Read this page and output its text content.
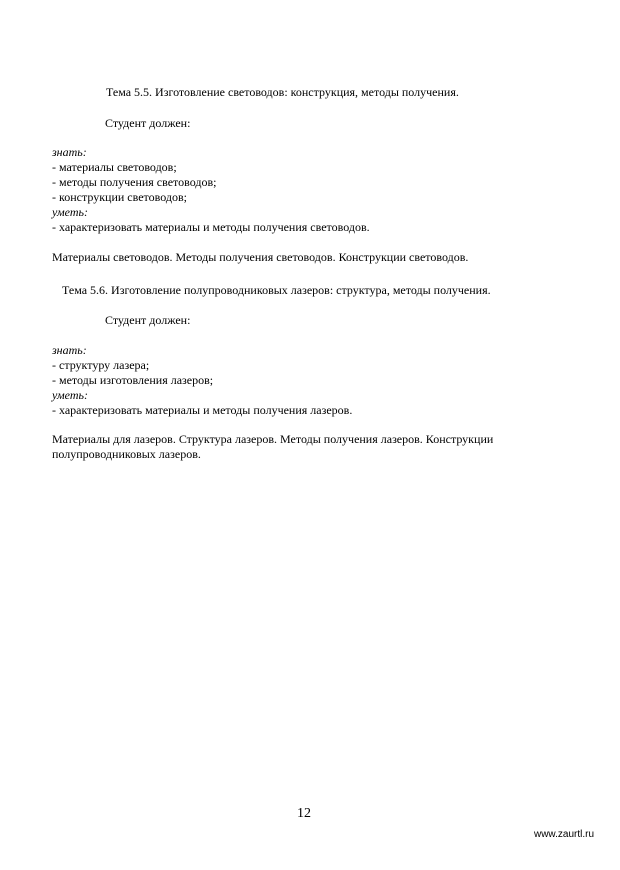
Тема 5.5. Изготовление световодов: конструкция, методы получения.
Студент должен:
знать:
- материалы световодов;
- методы получения световодов;
- конструкции световодов;
уметь:
- характеризовать материалы и методы получения световодов.
Материалы световодов. Методы получения световодов. Конструкции световодов.
Тема 5.6. Изготовление полупроводниковых лазеров: структура, методы получения.
Студент должен:
знать:
- структуру лазера;
- методы изготовления лазеров;
уметь:
- характеризовать материалы и методы получения лазеров.
Материалы для лазеров. Структура лазеров. Методы получения лазеров. Конструкции полупроводниковых лазеров.
12
www.zaurtl.ru
